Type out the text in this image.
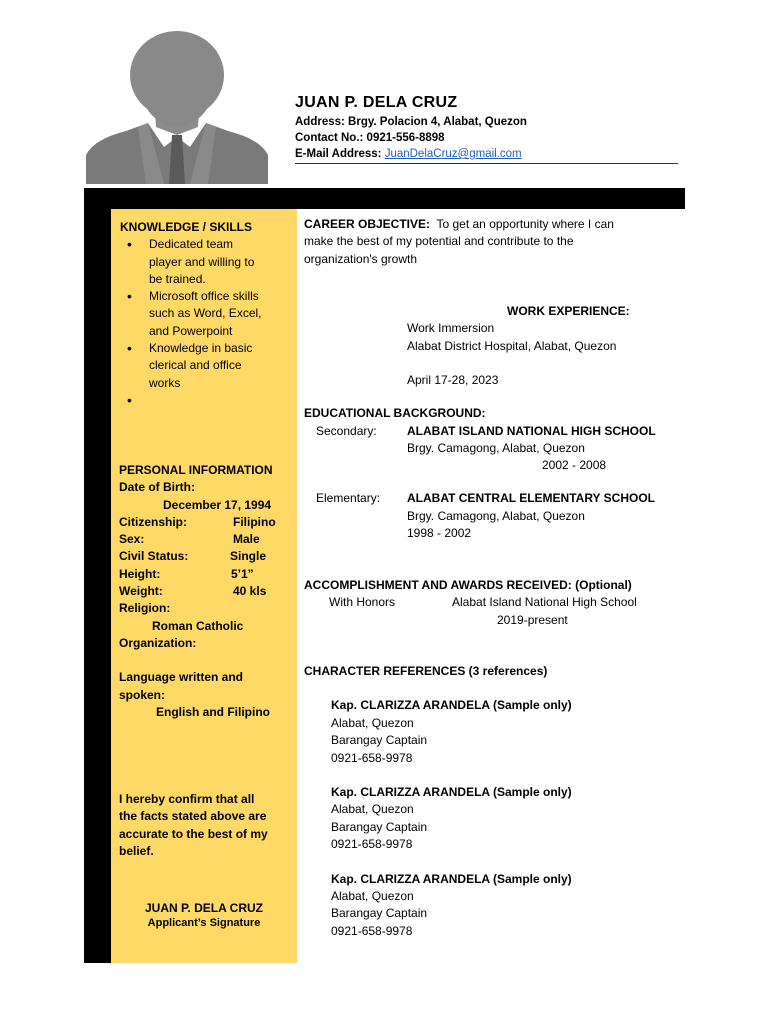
JUAN P. DELA CRUZ
Address: Brgy. Polacion 4, Alabat, Quezon
Contact No.: 0921-556-8898
E-Mail Address: JuanDelaCruz@gmail.com
KNOWLEDGE / SKILLS
• Dedicated team
player and willing to
be trained.
• Microsoft office skills
such as Word, Excel,
and Powerpoint
• Knowledge in basic
clerical and office
works
•
PERSONAL INFORMATION
Date of Birth:
December 17, 1994
Citizenship:	Filipino
Sex:	Male
Civil Status:	Single
Height:	5’1”
Weight:	40 kls
Religion:
Roman Catholic
Organization:
Language written and
spoken:
English and Filipino
I hereby confirm that all
the facts stated above are
accurate to the best of my
belief.
JUAN P. DELA CRUZ
Applicant’s Signature
CAREER OBJECTIVE:  To get an opportunity where I can
make the best of my potential and contribute to the
organization's growth
WORK EXPERIENCE:
Work Immersion
Alabat District Hospital, Alabat, Quezon
April 17-28, 2023
EDUCATIONAL BACKGROUND:
Secondary:	ALABAT ISLAND NATIONAL HIGH SCHOOL
Brgy. Camagong, Alabat, Quezon
2002 - 2008
Elementary: ALABAT CENTRAL ELEMENTARY SCHOOL
Brgy. Camagong, Alabat, Quezon
1998 - 2002
ACCOMPLISHMENT AND AWARDS RECEIVED: (Optional)
With Honors	Alabat Island National High School
2019-present
CHARACTER REFERENCES (3 references)
Kap. CLARIZZA ARANDELA (Sample only)
Alabat, Quezon
Barangay Captain
0921-658-9978
Kap. CLARIZZA ARANDELA (Sample only)
Alabat, Quezon
Barangay Captain
0921-658-9978
Kap. CLARIZZA ARANDELA (Sample only)
Alabat, Quezon
Barangay Captain
0921-658-9978
